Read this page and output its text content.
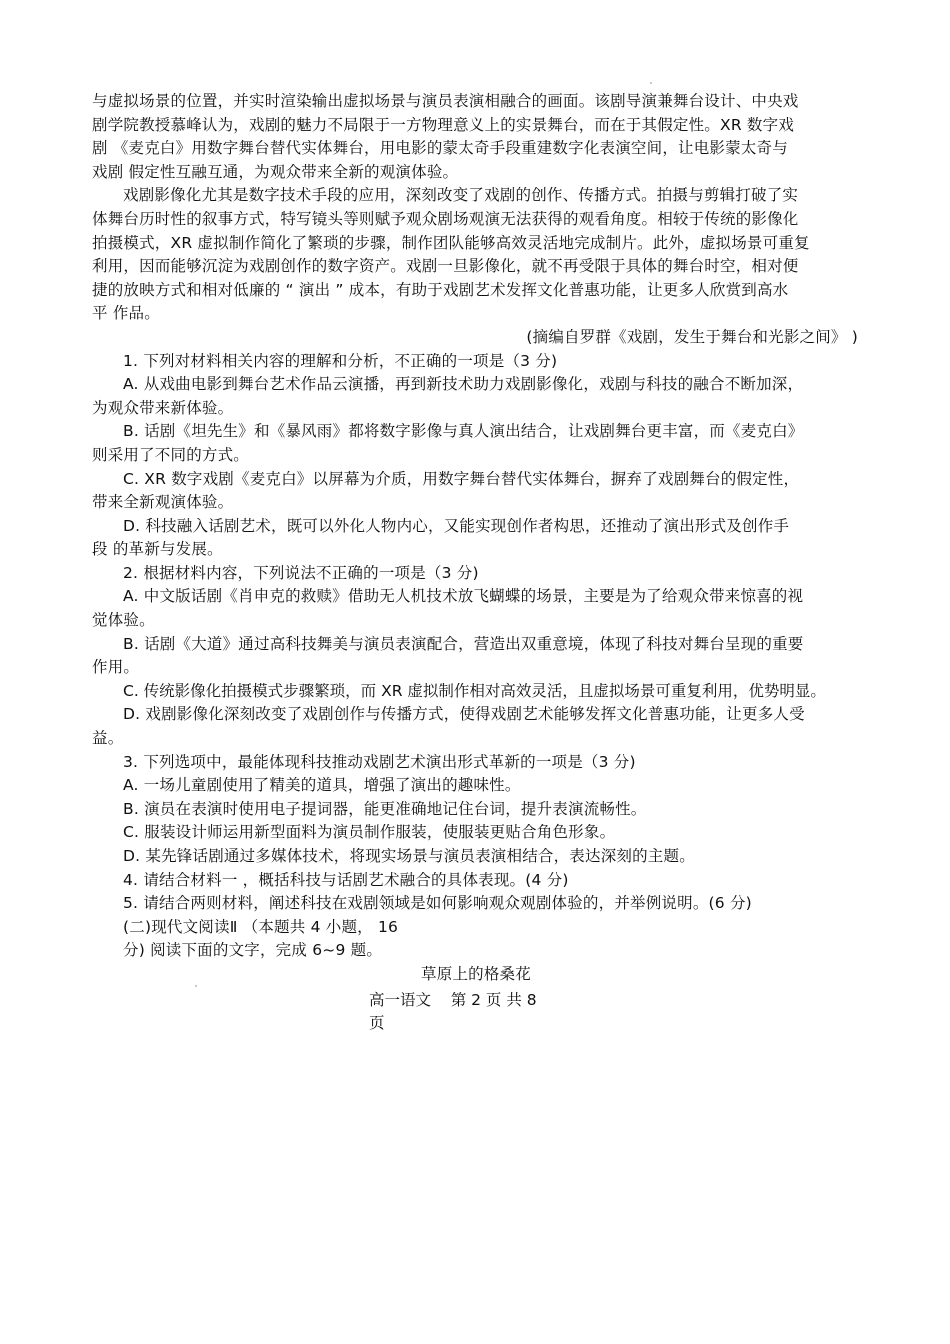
与虚拟场景的位置，并实时渲染输出虚拟场景与演员表演相融合的画面。该剧导演兼舞台设计、中央戏

剧学院教授慕峰认为，戏剧的魅力不局限于一方物理意义上的实景舞台，而在于其假定性。XR 数字戏

剧 《麦克白》用数字舞台替代实体舞台，用电影的蒙太奇手段重建数字化表演空间，让电影蒙太奇与

戏剧 假定性互融互通，为观众带来全新的观演体验。

戏剧影像化尤其是数字技术手段的应用，深刻改变了戏剧的创作、传播方式。拍摄与剪辑打破了实

体舞台历时性的叙事方式，特写镜头等则赋予观众剧场观演无法获得的观看角度。相较于传统的影像化

拍摄模式，XR 虚拟制作简化了繁琐的步骤，制作团队能够高效灵活地完成制片。此外，虚拟场景可重复

利用，因而能够沉淀为戏剧创作的数字资产。戏剧一旦影像化，就不再受限于具体的舞台时空，相对便

捷的放映方式和相对低廉的 “ 演出 ” 成本，有助于戏剧艺术发挥文化普惠功能，让更多人欣赏到高水

平 作品。

(摘编自罗群《戏剧，发生于舞台和光影之间》 )

1. 下列对材料相关内容的理解和分析，不正确的一项是（3 分)

A. 从戏曲电影到舞台艺术作品云演播，再到新技术助力戏剧影像化，戏剧与科技的融合不断加深，

为观众带来新体验。

B. 话剧《坦先生》和《暴风雨》都将数字影像与真人演出结合，让戏剧舞台更丰富，而《麦克白》

则采用了不同的方式。

C. XR 数字戏剧《麦克白》以屏幕为介质，用数字舞台替代实体舞台，摒弃了戏剧舞台的假定性，

带来全新观演体验。

D. 科技融入话剧艺术，既可以外化人物内心，又能实现创作者构思，还推动了演出形式及创作手

段 的革新与发展。

2. 根据材料内容，下列说法不正确的一项是（3 分)

A. 中文版话剧《肖申克的救赎》借助无人机技术放飞蝴蝶的场景，主要是为了给观众带来惊喜的视

觉体验。

B. 话剧《大道》通过高科技舞美与演员表演配合，营造出双重意境，体现了科技对舞台呈现的重要

作用。

C. 传统影像化拍摄模式步骤繁琐，而 XR 虚拟制作相对高效灵活，且虚拟场景可重复利用，优势明显。

D. 戏剧影像化深刻改变了戏剧创作与传播方式，使得戏剧艺术能够发挥文化普惠功能，让更多人受

益。

3. 下列选项中，最能体现科技推动戏剧艺术演出形式革新的一项是（3 分)

A. 一场儿童剧使用了精美的道具，增强了演出的趣味性。

B. 演员在表演时使用电子提词器，能更准确地记住台词，提升表演流畅性。

C. 服装设计师运用新型面料为演员制作服装，使服装更贴合角色形象。

D. 某先锋话剧通过多媒体技术，将现实场景与演员表演相结合，表达深刻的主题。

4. 请结合材料一 ，概括科技与话剧艺术融合的具体表现。(4 分)

5. 请结合两则材料，阐述科技在戏剧领域是如何影响观众观剧体验的，并举例说明。(6 分)

(二)现代文阅读Ⅱ （本题共 4 小题， 16

分) 阅读下面的文字，完成 6~9 题。

草原上的格桑花

高一语文    第 2 页 共 8
页
